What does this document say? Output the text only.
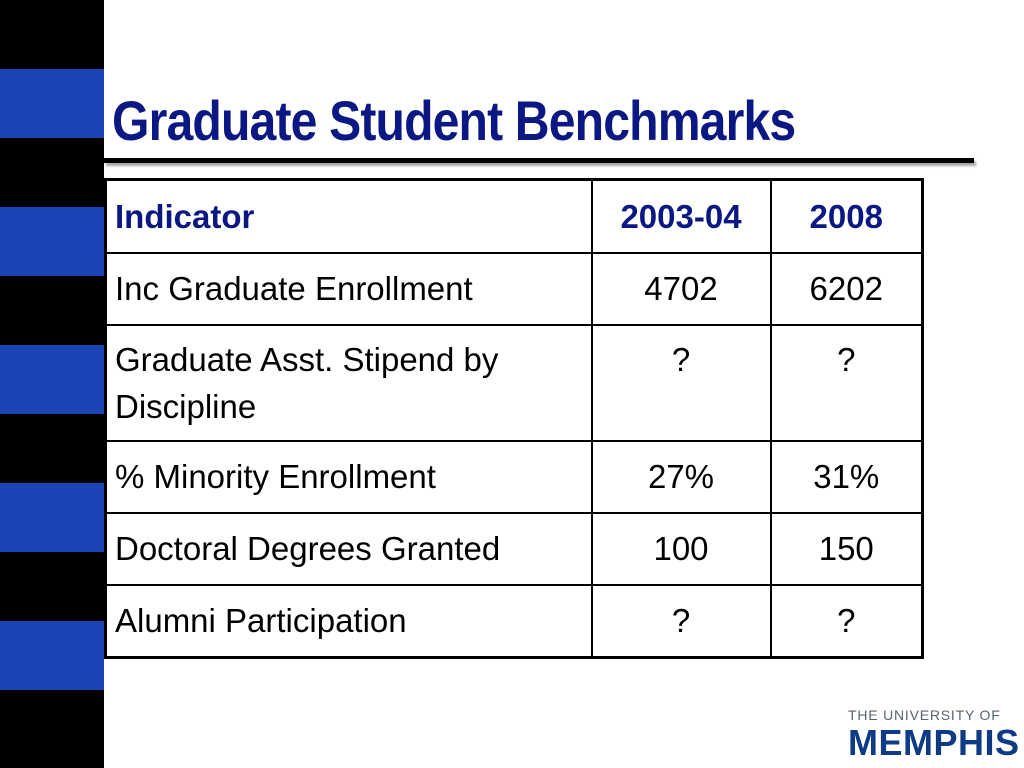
Graduate Student Benchmarks
Indicator	2003-04	2008
Inc Graduate Enrollment	4702	6202
Graduate Asst. Stipend by Discipline	?	?
% Minority Enrollment	27%	31%
Doctoral Degrees Granted	100	150
Alumni Participation	?	?
THE UNIVERSITY OF
MEMPHIS
